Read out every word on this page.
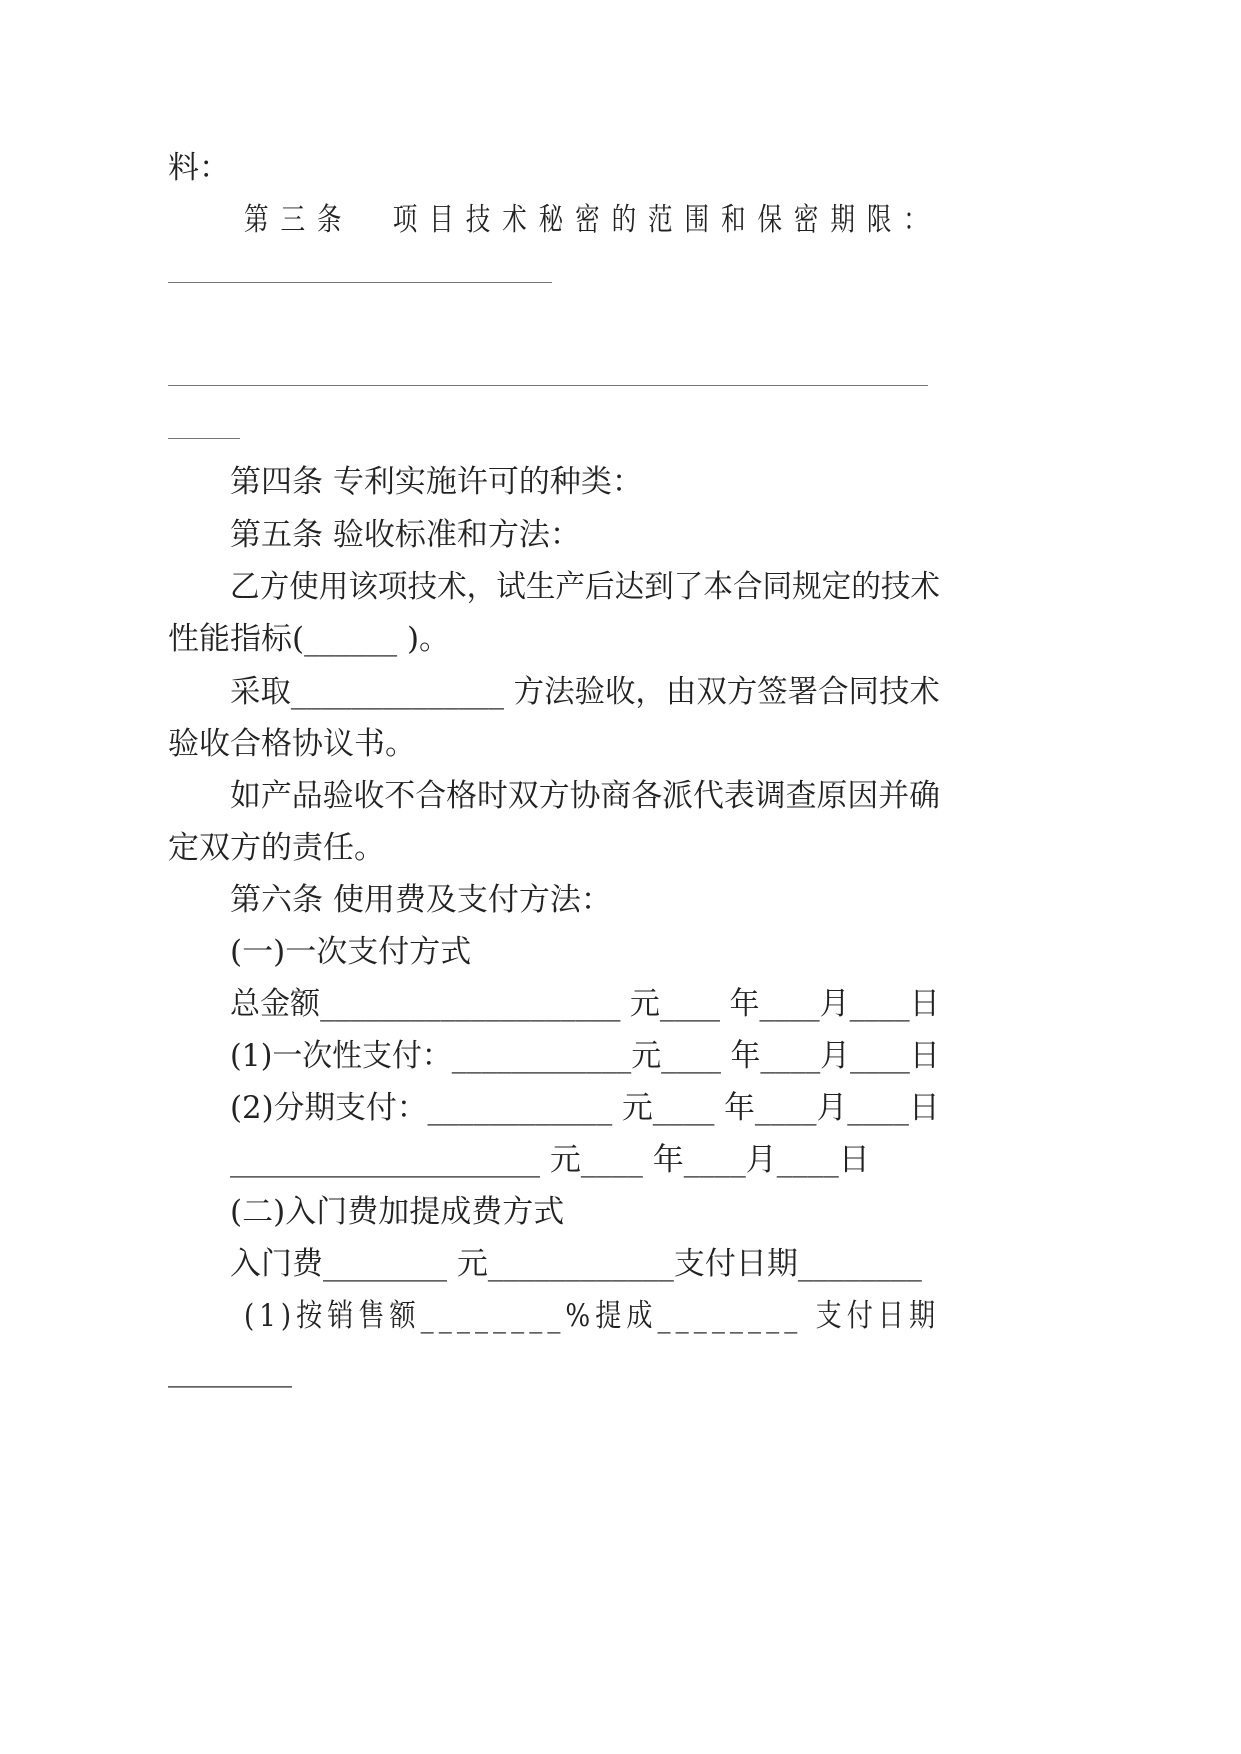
料：
第三条  项目技术秘密的范围和保密期限：
第四条 专利实施许可的种类：
第五条 验收标准和方法：
乙方使用该项技术，试生产后达到了本合同规定的技术
性能指标(______ )。
采取______________ 方法验收，由双方签署合同技术
验收合格协议书。
如产品验收不合格时双方协商各派代表调查原因并确
定双方的责任。
第六条 使用费及支付方法：
(一)一次支付方式
总金额____________________ 元____ 年____月____日
(1)一次性支付：____________元____ 年____月____日
(2)分期支付：____________ 元____ 年____月____日
____________________ 元____ 年____月____日
(二)入门费加提成费方式
入门费________ 元____________支付日期________
(1)按销售额________%提成________ 支付日期
________
